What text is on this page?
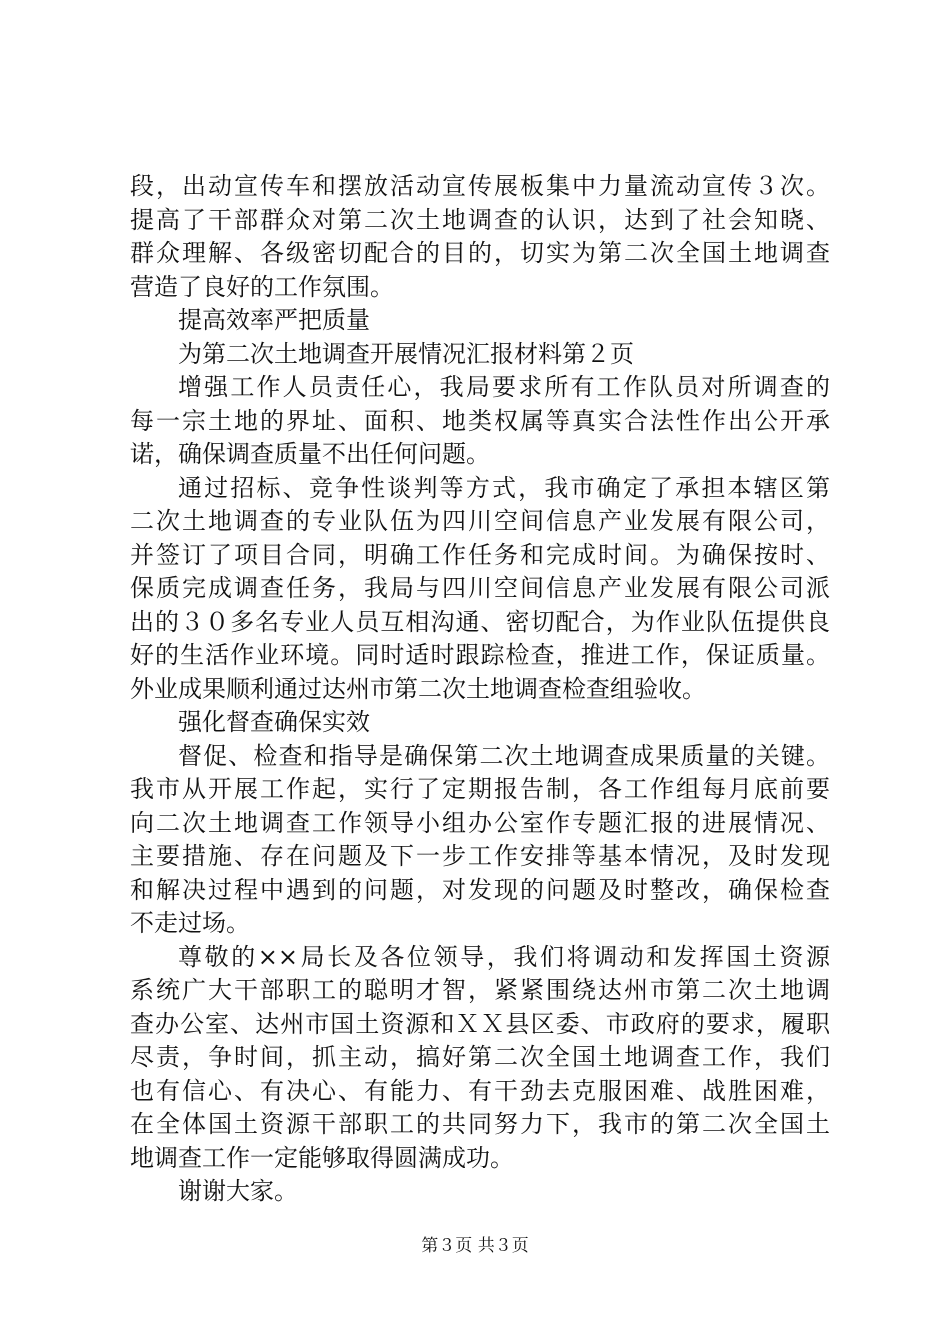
段，出动宣传车和摆放活动宣传展板集中力量流动宣传３次。
提高了干部群众对第二次土地调查的认识，达到了社会知晓、
群众理解、各级密切配合的目的，切实为第二次全国土地调查
营造了良好的工作氛围。
提高效率严把质量
为第二次土地调查开展情况汇报材料第２页
增强工作人员责任心，我局要求所有工作队员对所调查的
每一宗土地的界址、面积、地类权属等真实合法性作出公开承
诺，确保调查质量不出任何问题。
通过招标、竞争性谈判等方式，我市确定了承担本辖区第
二次土地调查的专业队伍为四川空间信息产业发展有限公司，
并签订了项目合同，明确工作任务和完成时间。为确保按时、
保质完成调查任务，我局与四川空间信息产业发展有限公司派
出的３０多名专业人员互相沟通、密切配合，为作业队伍提供良
好的生活作业环境。同时适时跟踪检查，推进工作，保证质量。
外业成果顺利通过达州市第二次土地调查检查组验收。
强化督查确保实效
督促、检查和指导是确保第二次土地调查成果质量的关键。
我市从开展工作起，实行了定期报告制，各工作组每月底前要
向二次土地调查工作领导小组办公室作专题汇报的进展情况、
主要措施、存在问题及下一步工作安排等基本情况，及时发现
和解决过程中遇到的问题，对发现的问题及时整改，确保检查
不走过场。
尊敬的××局长及各位领导，我们将调动和发挥国土资源
系统广大干部职工的聪明才智，紧紧围绕达州市第二次土地调
查办公室、达州市国土资源和ＸＸ县区委、市政府的要求，履职
尽责，争时间，抓主动，搞好第二次全国土地调查工作，我们
也有信心、有决心、有能力、有干劲去克服困难、战胜困难，
在全体国土资源干部职工的共同努力下，我市的第二次全国土
地调查工作一定能够取得圆满成功。
谢谢大家。
第３页 共３页
